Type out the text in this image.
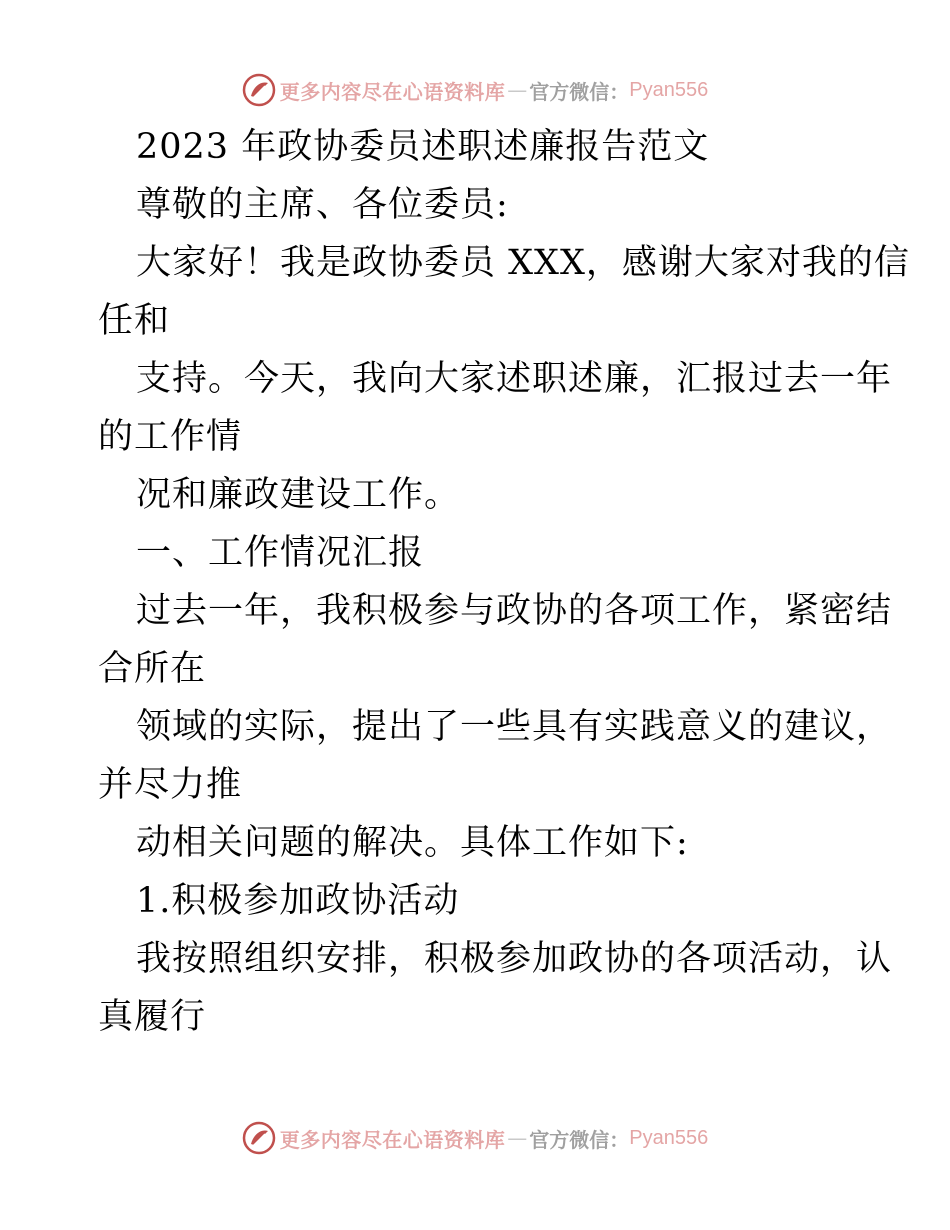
更多内容尽在心语资料库 — 官方微信： Pyan556
2023 年政协委员述职述廉报告范文
尊敬的主席、各位委员:
大家好！我是政协委员 XXX，感谢大家对我的信
任和
支持。今天，我向大家述职述廉，汇报过去一年
的工作情
况和廉政建设工作。
一、工作情况汇报
过去一年，我积极参与政协的各项工作，紧密结
合所在
领域的实际，提出了一些具有实践意义的建议，
并尽力推
动相关问题的解决。具体工作如下:
1.积极参加政协活动
我按照组织安排，积极参加政协的各项活动，认
真履行
更多内容尽在心语资料库 — 官方微信： Pyan556
